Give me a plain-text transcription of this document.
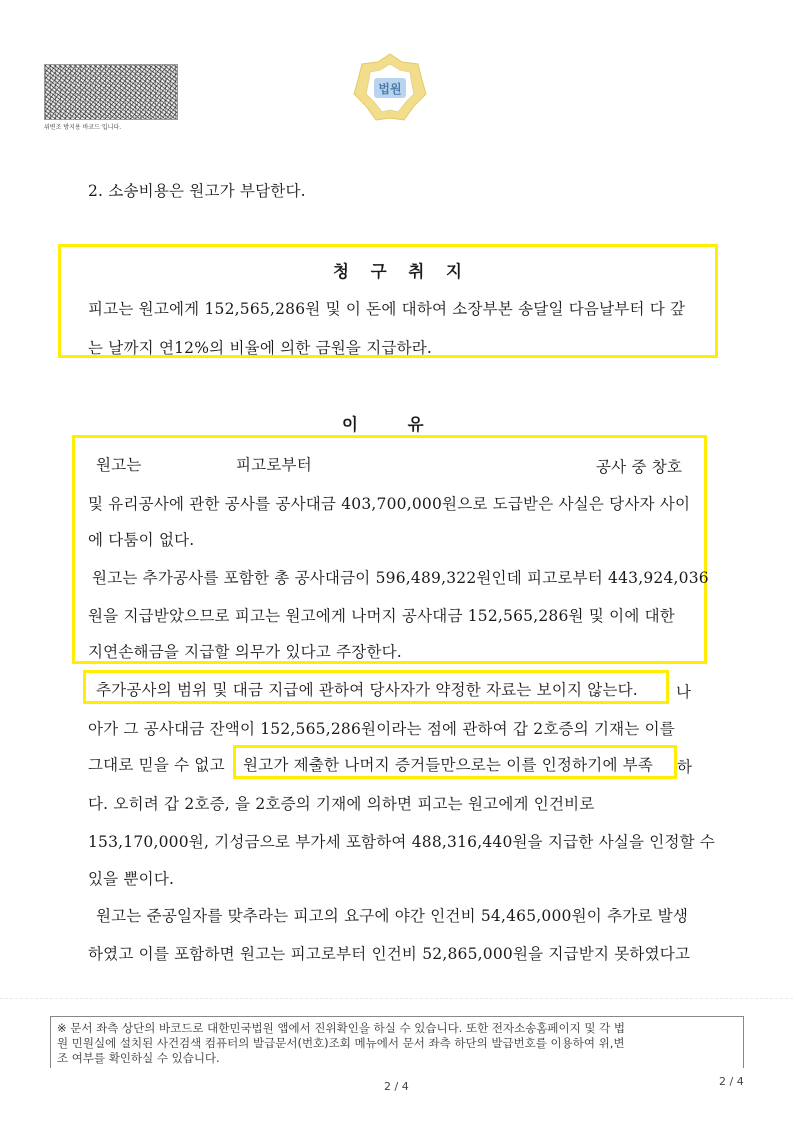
위변조 방지용 바코드 입니다.
법원
2. 소송비용은 원고가 부담한다.
청 구 취 지
피고는 원고에게 152,565,286원 및 이 돈에 대하여 소장부본 송달일 다음날부터 다 갚
는 날까지 연12%의 비율에 의한 금원을 지급하라.
이 유
원고는	피고로부터	공사 중 창호
및 유리공사에 관한 공사를 공사대금 403,700,000원으로 도급받은 사실은 당사자 사이
에 다툼이 없다.
원고는 추가공사를 포함한 총 공사대금이 596,489,322원인데 피고로부터 443,924,036
원을 지급받았으므로 피고는 원고에게 나머지 공사대금 152,565,286원 및 이에 대한
지연손해금을 지급할 의무가 있다고 주장한다.
추가공사의 범위 및 대금 지급에 관하여 당사자가 약정한 자료는 보이지 않는다. 나
아가 그 공사대금 잔액이 152,565,286원이라는 점에 관하여 갑 2호증의 기재는 이를
그대로 믿을 수 없고 원고가 제출한 나머지 증거들만으로는 이를 인정하기에 부족 하
다. 오히려 갑 2호증, 을 2호증의 기재에 의하면 피고는 원고에게 인건비로
153,170,000원, 기성금으로 부가세 포함하여 488,316,440원을 지급한 사실을 인정할 수
있을 뿐이다.
원고는 준공일자를 맞추라는 피고의 요구에 야간 인건비 54,465,000원이 추가로 발생
하였고 이를 포함하면 원고는 피고로부터 인건비 52,865,000원을 지급받지 못하였다고
※ 문서 좌측 상단의 바코드로 대한민국법원 앱에서 진위확인을 하실 수 있습니다. 또한 전자소송홈페이지 및 각 법
원 민원실에 설치된 사건검색 컴퓨터의 발급문서(번호)조회 메뉴에서 문서 좌측 하단의 발급번호를 이용하여 위,변
조 여부를 확인하실 수 있습니다.
2 / 4	2 / 4
